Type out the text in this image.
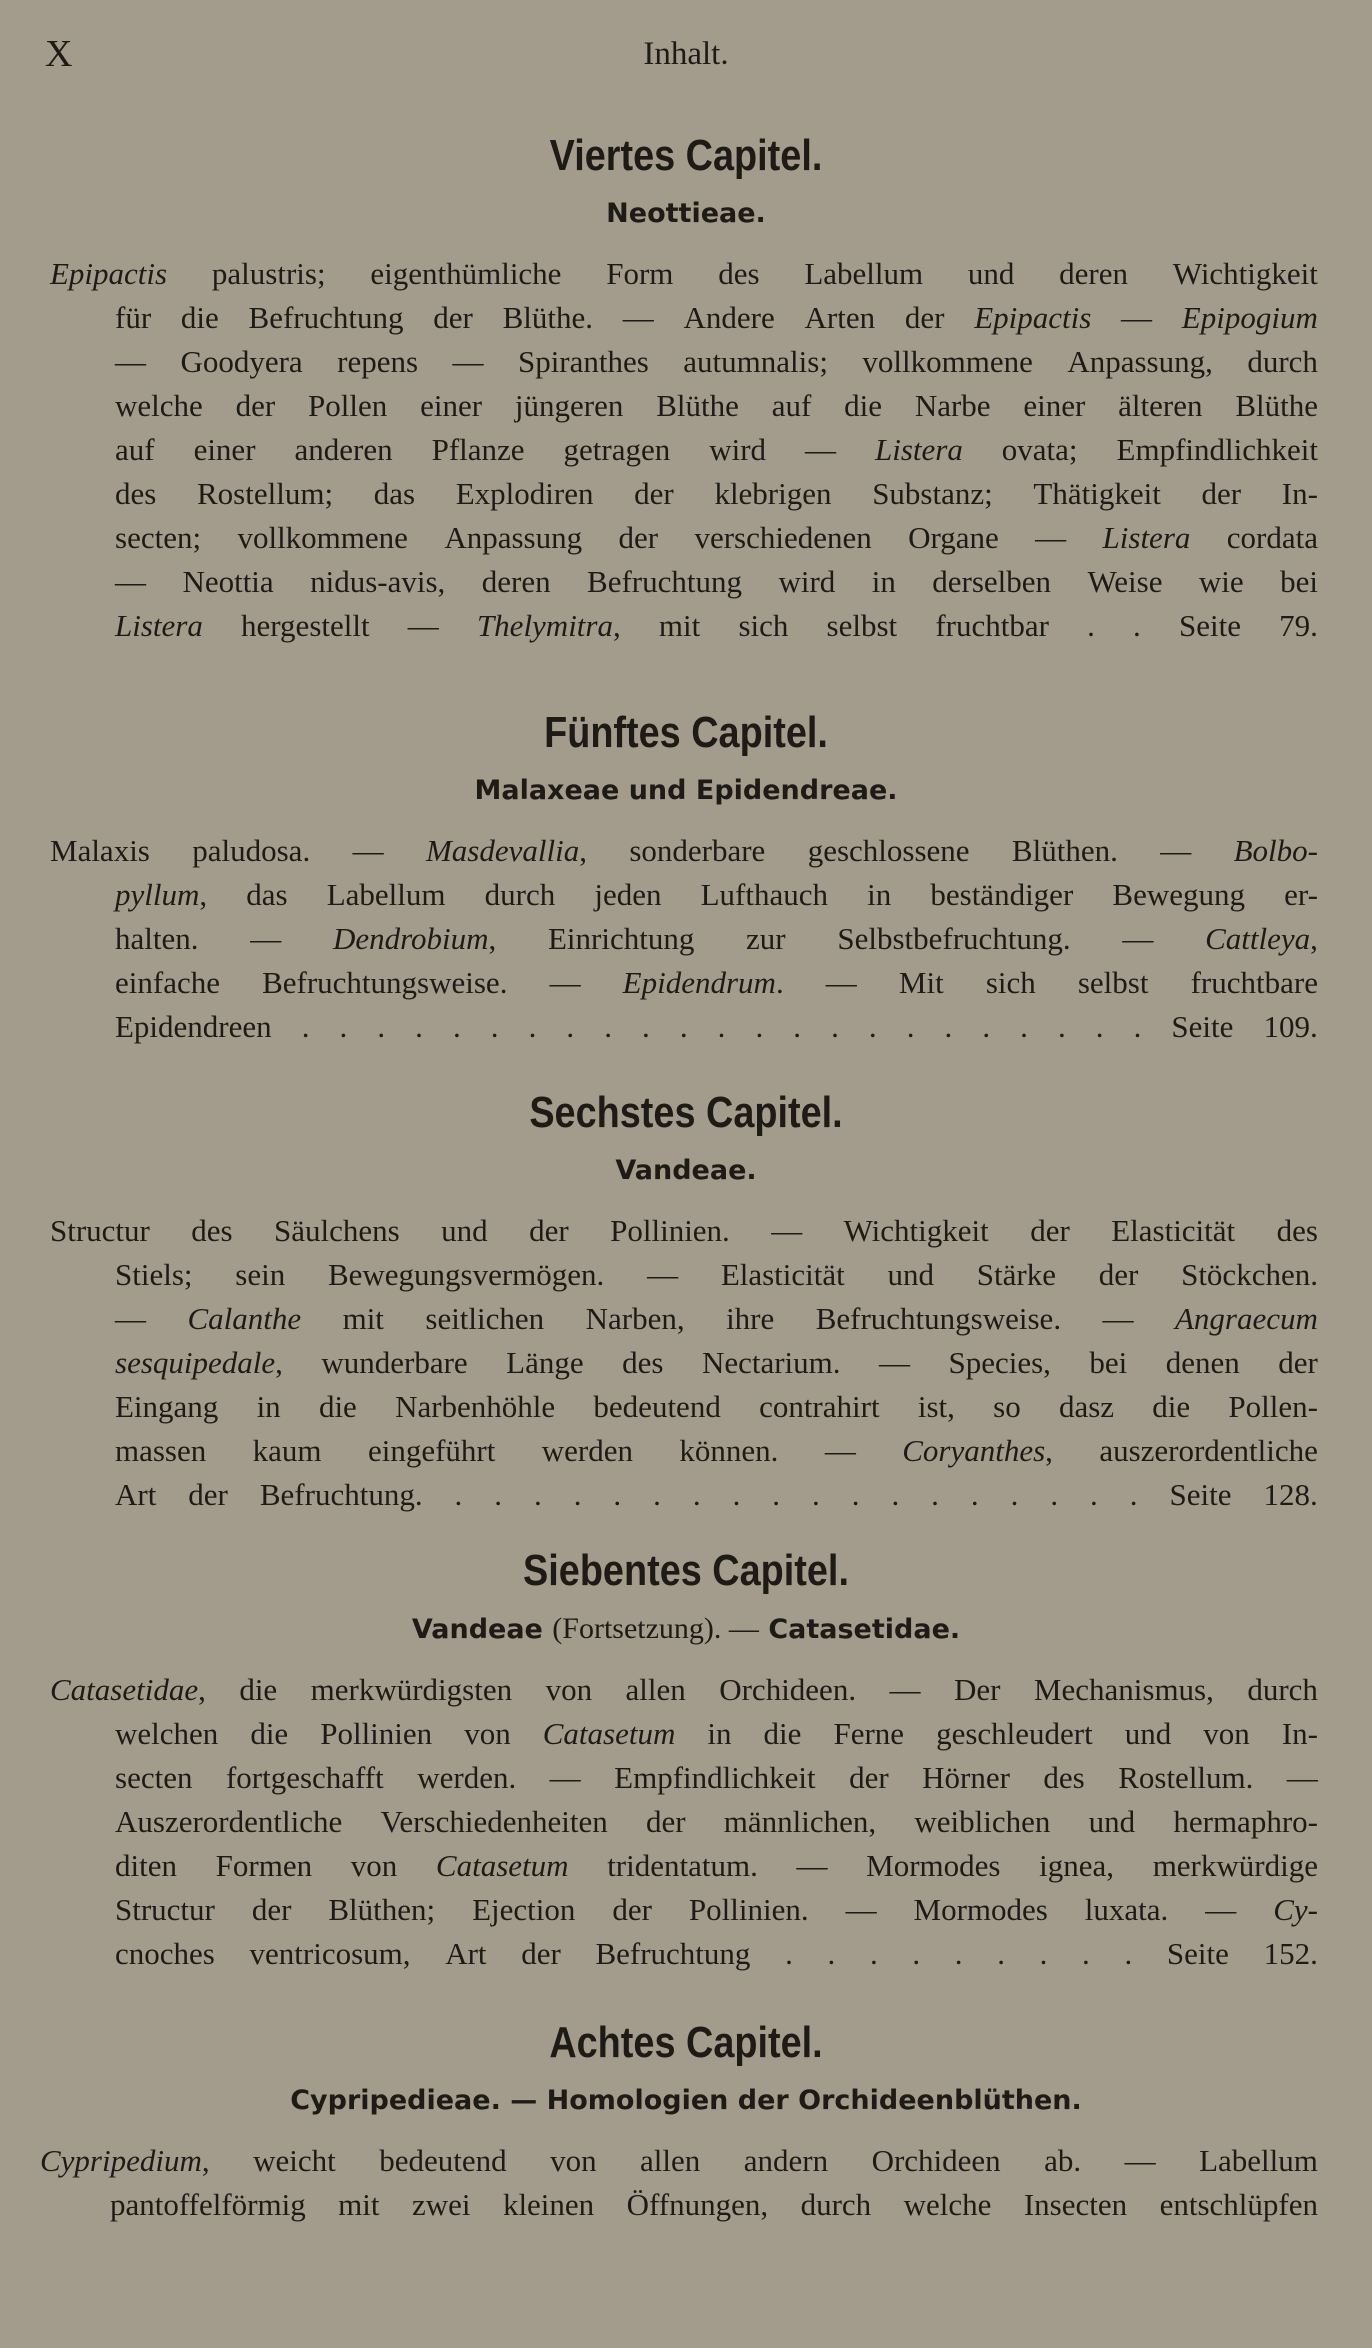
X	Inhalt.
Viertes Capitel.
Neottieae.
Epipactis palustris; eigenthümliche Form des Labellum und deren Wichtigkeit
für die Befruchtung der Blüthe. — Andere Arten der Epipactis — Epipogium
— Goodyera repens — Spiranthes autumnalis; vollkommene Anpassung, durch
welche der Pollen einer jüngeren Blüthe auf die Narbe einer älteren Blüthe
auf einer anderen Pflanze getragen wird — Listera ovata; Empfindlichkeit
des Rostellum; das Explodiren der klebrigen Substanz; Thätigkeit der In-
secten; vollkommene Anpassung der verschiedenen Organe — Listera cordata
— Neottia nidus-avis, deren Befruchtung wird in derselben Weise wie bei
Listera hergestellt — Thelymitra, mit sich selbst fruchtbar . . Seite 79.
Fünftes Capitel.
Malaxeae und Epidendreae.
Malaxis paludosa. — Masdevallia, sonderbare geschlossene Blüthen. — Bolbo-
pyllum, das Labellum durch jeden Lufthauch in beständiger Bewegung er-
halten. — Dendrobium, Einrichtung zur Selbstbefruchtung. — Cattleya,
einfache Befruchtungsweise. — Epidendrum. — Mit sich selbst fruchtbare
Epidendreen . . . . . . . . . . . . . . . . . . . . . . . Seite 109.
Sechstes Capitel.
Vandeae.
Structur des Säulchens und der Pollinien. — Wichtigkeit der Elasticität des
Stiels; sein Bewegungsvermögen. — Elasticität und Stärke der Stöckchen.
— Calanthe mit seitlichen Narben, ihre Befruchtungsweise. — Angraecum
sesquipedale, wunderbare Länge des Nectarium. — Species, bei denen der
Eingang in die Narbenhöhle bedeutend contrahirt ist, so dasz die Pollen-
massen kaum eingeführt werden können. — Coryanthes, auszerordentliche
Art der Befruchtung. . . . . . . . . . . . . . . . . . . Seite 128.
Siebentes Capitel.
Vandeae (Fortsetzung). — Catasetidae.
Catasetidae, die merkwürdigsten von allen Orchideen. — Der Mechanismus, durch
welchen die Pollinien von Catasetum in die Ferne geschleudert und von In-
secten fortgeschafft werden. — Empfindlichkeit der Hörner des Rostellum. —
Auszerordentliche Verschiedenheiten der männlichen, weiblichen und hermaphro-
diten Formen von Catasetum tridentatum. — Mormodes ignea, merkwürdige
Structur der Blüthen; Ejection der Pollinien. — Mormodes luxata. — Cy-
cnoches ventricosum, Art der Befruchtung . . . . . . . . . Seite 152.
Achtes Capitel.
Cypripedieae. — Homologien der Orchideenblüthen.
Cypripedium, weicht bedeutend von allen andern Orchideen ab. — Labellum
pantoffelförmig mit zwei kleinen Öffnungen, durch welche Insecten entschlüpfen
